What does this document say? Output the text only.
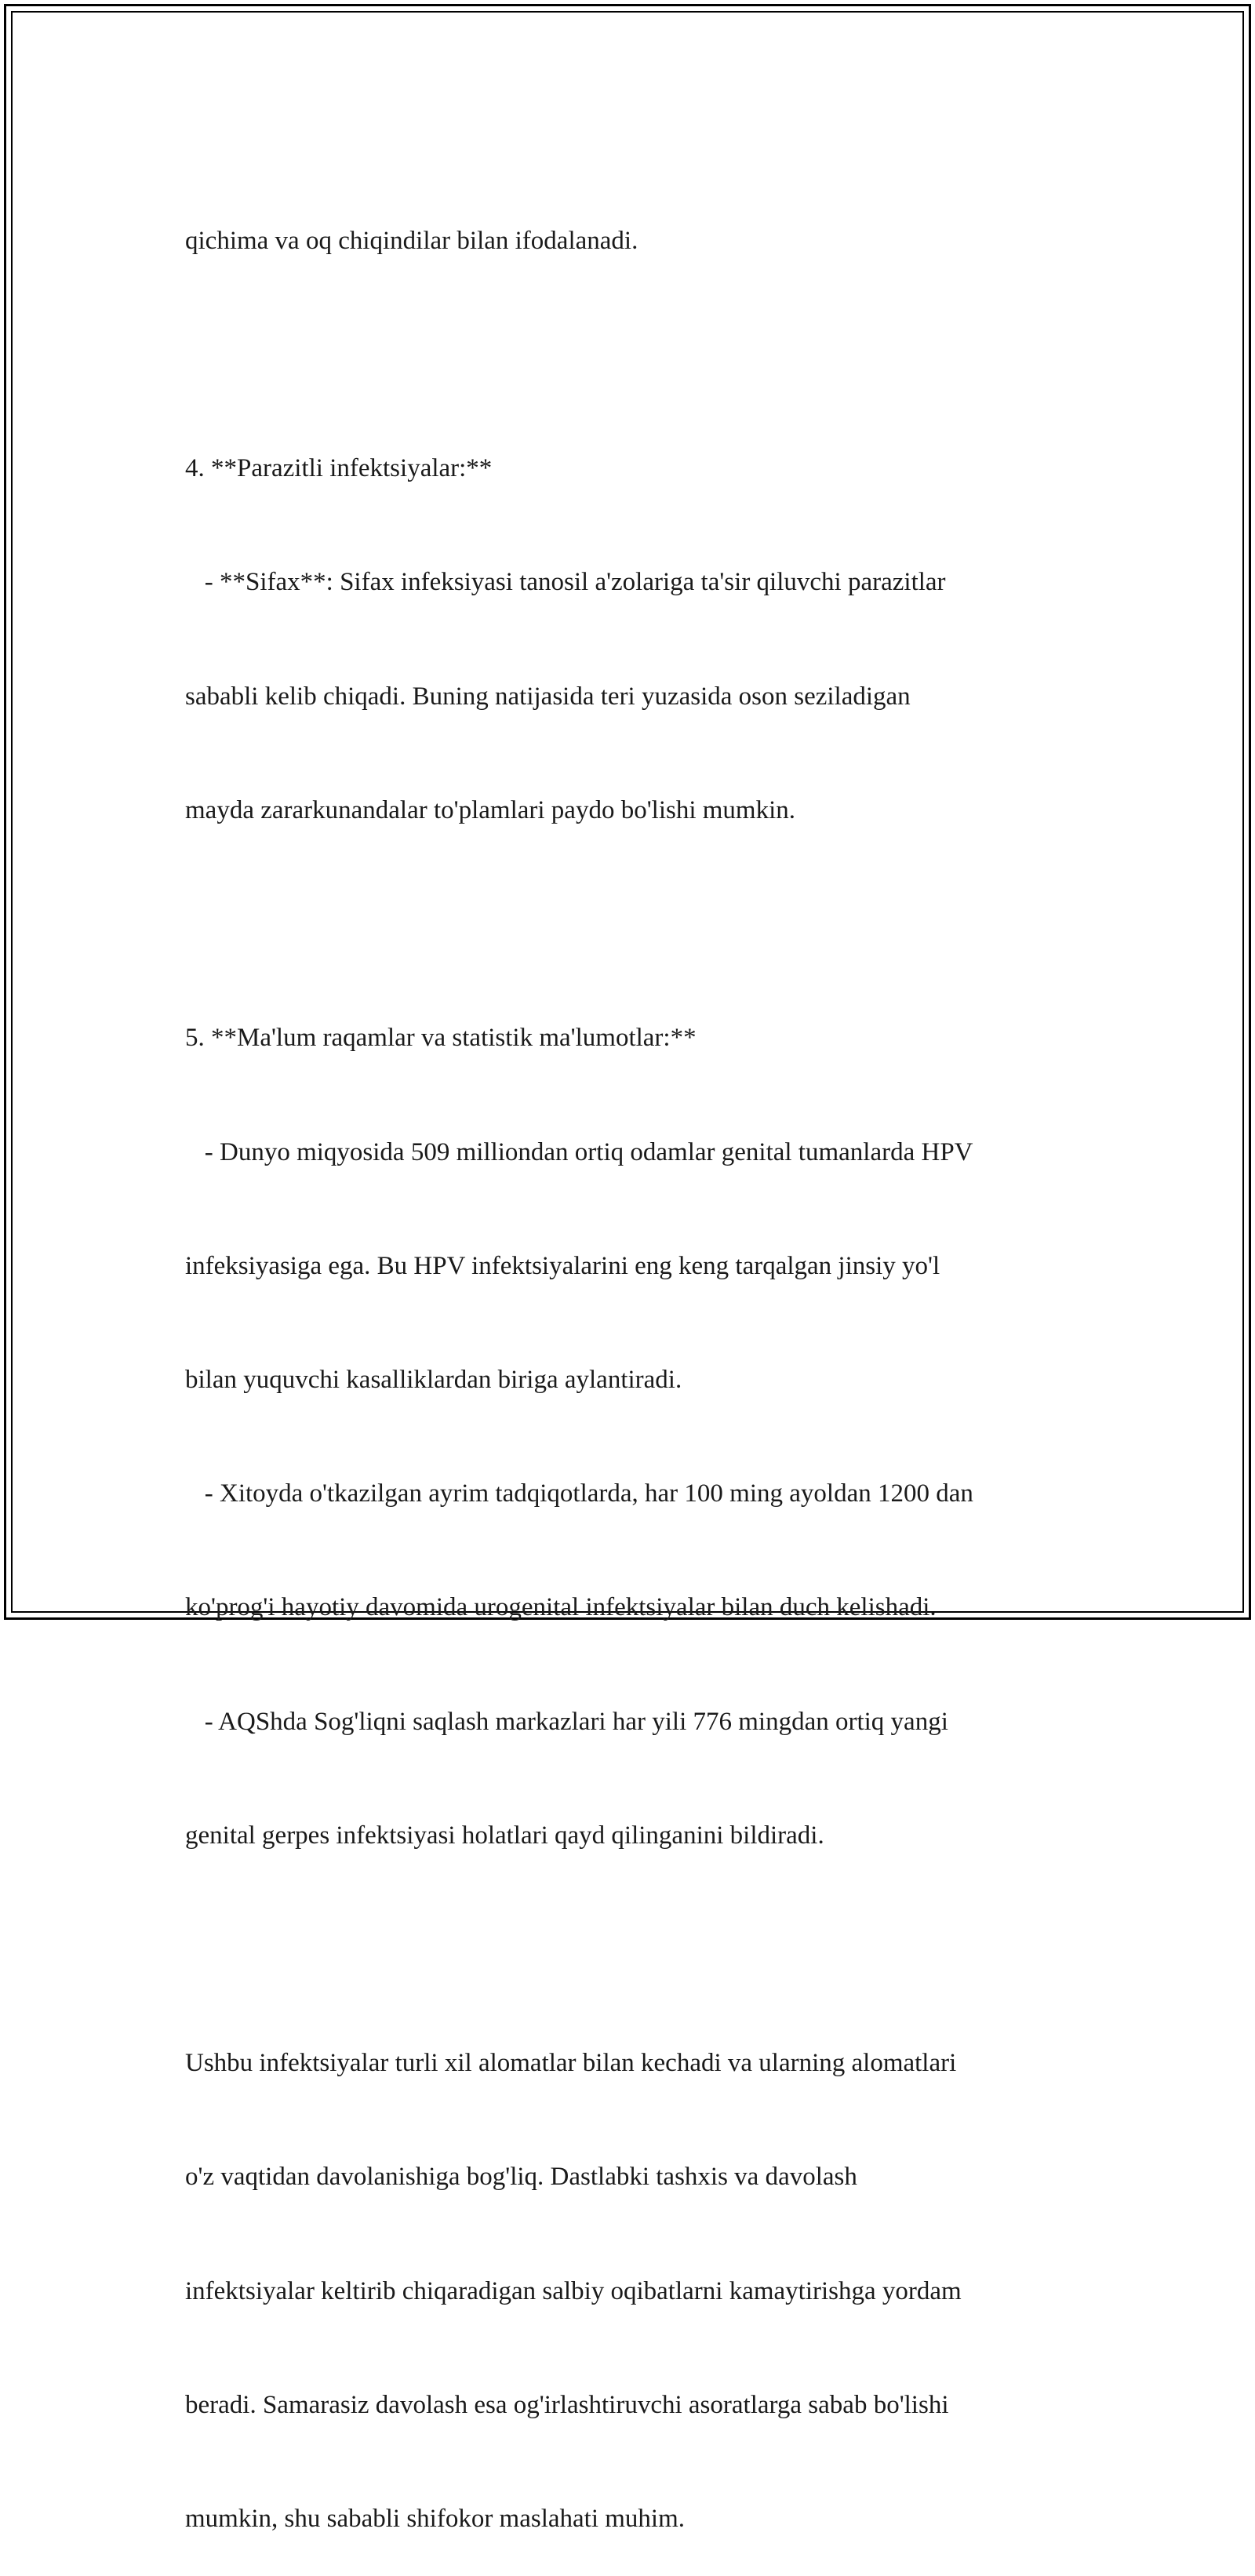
qichima va oq chiqindilar bilan ifodalanadi.

4. **Parazitli infektsiyalar:**

- **Sifax**: Sifax infeksiyasi tanosil a'zolariga ta'sir qiluvchi parazitlar

sababli kelib chiqadi. Buning natijasida teri yuzasida oson seziladigan

mayda zararkunandalar to'plamlari paydo bo'lishi mumkin.

5. **Ma'lum raqamlar va statistik ma'lumotlar:**

- Dunyo miqyosida 509 milliondan ortiq odamlar genital tumanlarda HPV

infeksiyasiga ega. Bu HPV infektsiyalarini eng keng tarqalgan jinsiy yo'l

bilan yuquvchi kasalliklardan biriga aylantiradi.

- Xitoyda o'tkazilgan ayrim tadqiqotlarda, har 100 ming ayoldan 1200 dan

ko'prog'i hayotiy davomida urogenital infektsiyalar bilan duch kelishadi.

- AQShda Sog'liqni saqlash markazlari har yili 776 mingdan ortiq yangi

genital gerpes infektsiyasi holatlari qayd qilinganini bildiradi.

Ushbu infektsiyalar turli xil alomatlar bilan kechadi va ularning alomatlari

o'z vaqtidan davolanishiga bog'liq. Dastlabki tashxis va davolash

infektsiyalar keltirib chiqaradigan salbiy oqibatlarni kamaytirishga yordam

beradi. Samarasiz davolash esa og'irlashtiruvchi asoratlarga sabab bo'lishi

mumkin, shu sababli shifokor maslahati muhim.
